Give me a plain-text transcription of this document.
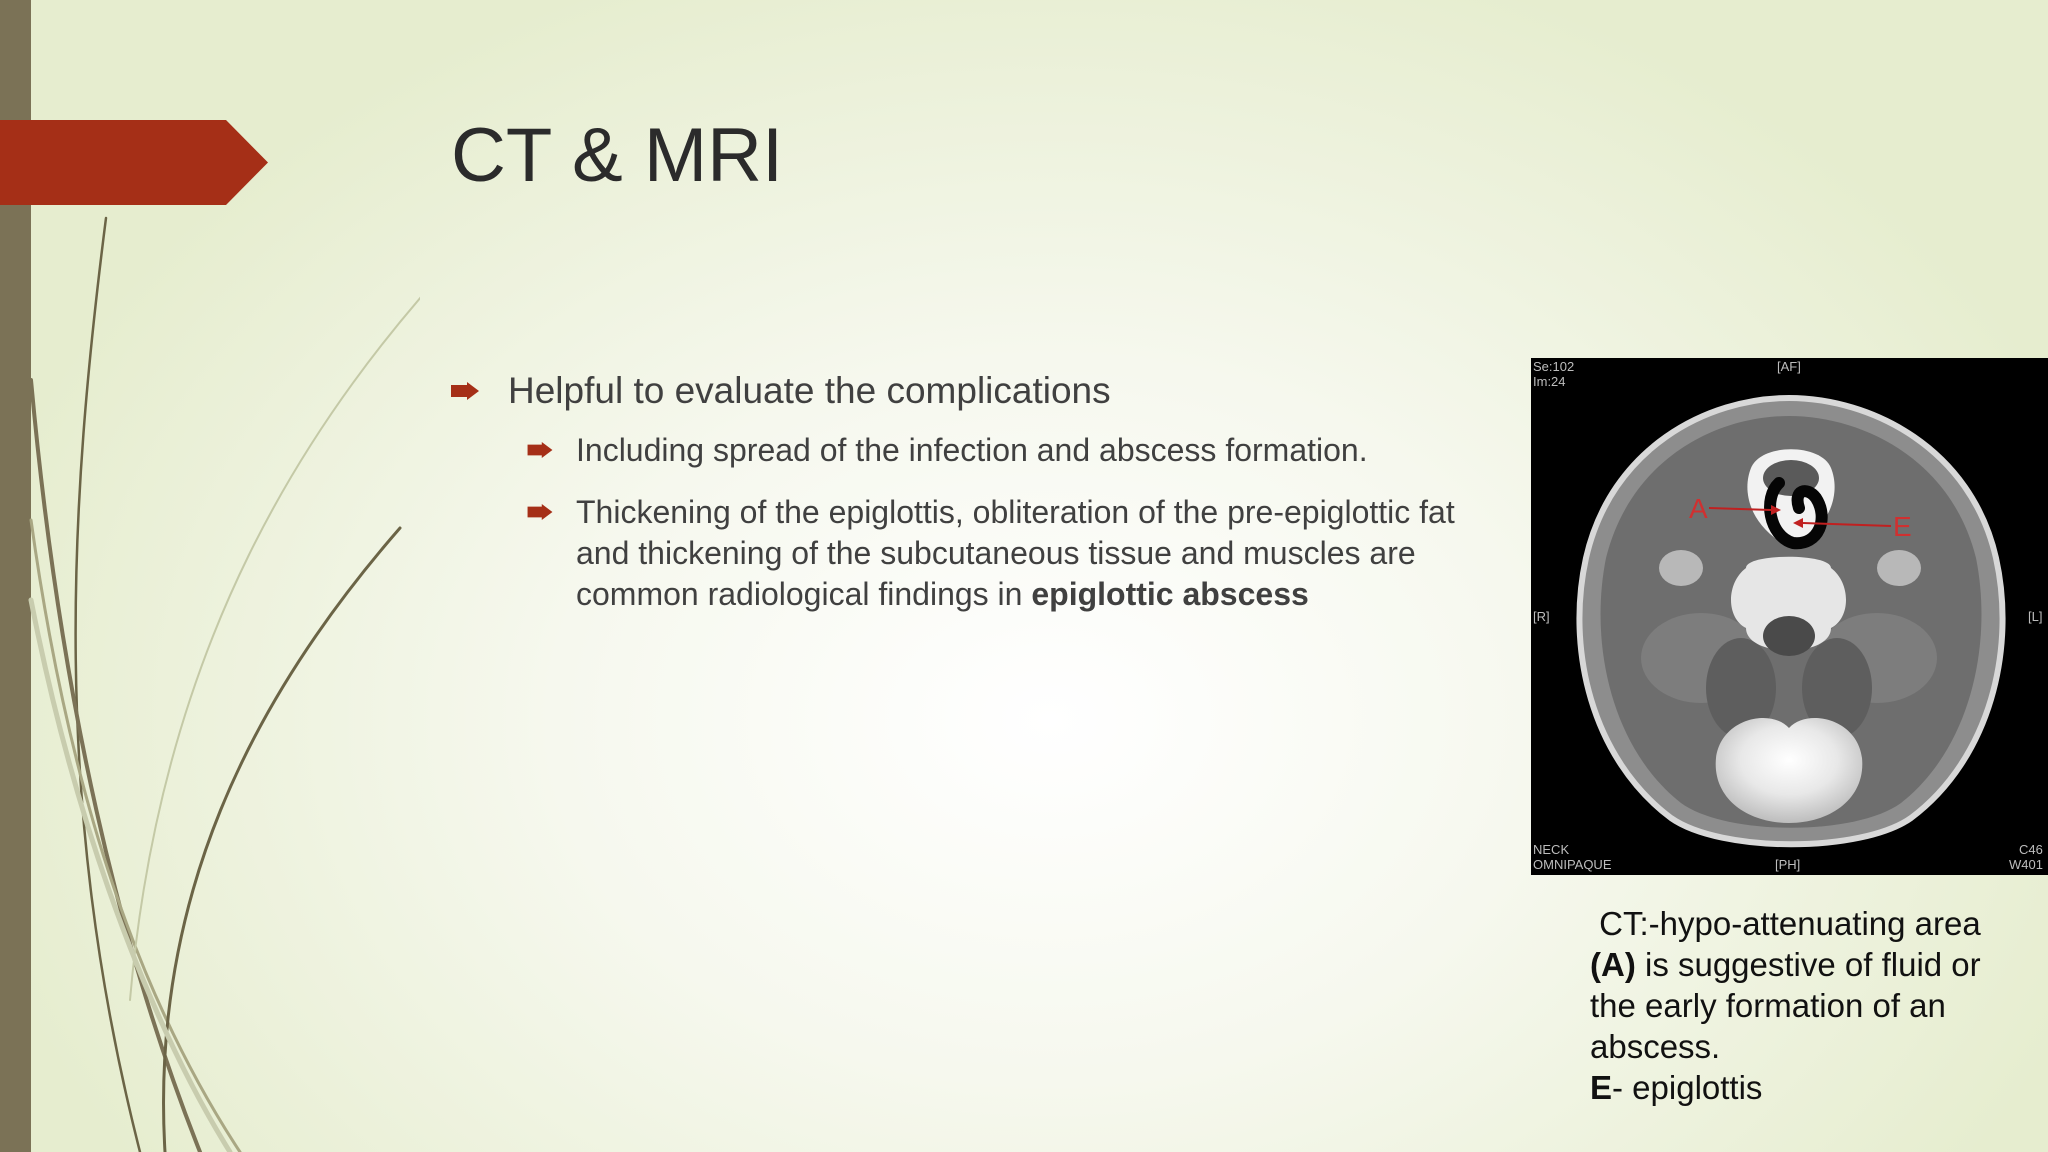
CT & MRI
Helpful to evaluate the complications
Including spread of the infection and abscess formation.
Thickening of the epiglottis, obliteration of the pre-epiglottic fat and thickening of the subcutaneous tissue and muscles are common radiological findings in epiglottic abscess
A
E
Se:102
Im:24
[AF]
[R]	[L]
NECK
OMNIPAQUE	[PH]
C46
W401
CT:-hypo-attenuating area
(A) is suggestive of fluid or the early formation of an abscess.
E- epiglottis
